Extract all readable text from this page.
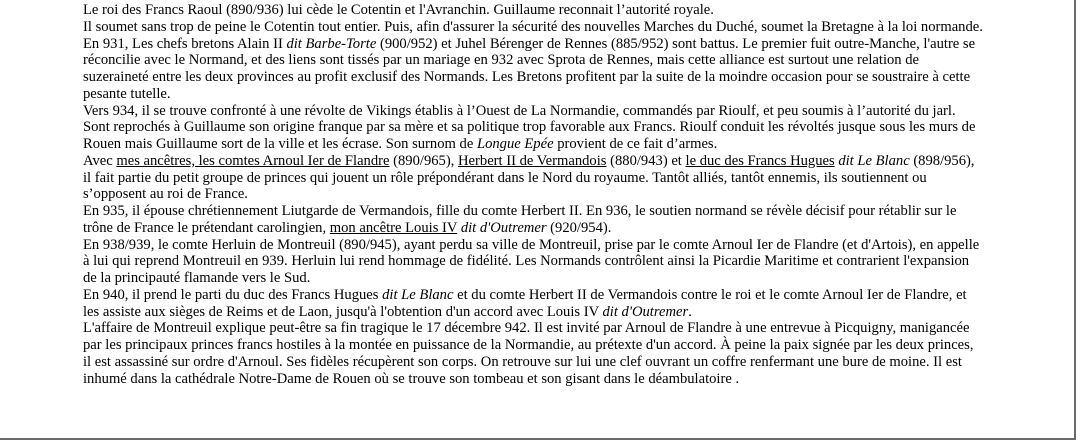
Le roi des Francs Raoul (890/936) lui cède le Cotentin et l'Avranchin. Guillaume reconnait l’autorité royale.
Il soumet sans trop de peine le Cotentin tout entier. Puis, afin d'assurer la sécurité des nouvelles Marches du Duché, soumet la Bretagne à la loi normande.
En 931, Les chefs bretons Alain II dit Barbe-Torte (900/952) et Juhel Bérenger de Rennes (885/952) sont battus. Le premier fuit outre-Manche, l'autre se
réconcilie avec le Normand, et des liens sont tissés par un mariage en 932 avec Sprota de Rennes, mais cette alliance est surtout une relation de
suzeraineté entre les deux provinces au profit exclusif des Normands. Les Bretons profitent par la suite de la moindre occasion pour se soustraire à cette
pesante tutelle.
Vers 934, il se trouve confronté à une révolte de Vikings établis à l’Ouest de La Normandie, commandés par Rioulf, et peu soumis à l’autorité du jarl.
Sont reprochés à Guillaume son origine franque par sa mère et sa politique trop favorable aux Francs. Rioulf conduit les révoltés jusque sous les murs de
Rouen mais Guillaume sort de la ville et les écrase. Son surnom de Longue Epée provient de ce fait d’armes.
Avec mes ancêtres, les comtes Arnoul Ier de Flandre (890/965), Herbert II de Vermandois (880/943) et le duc des Francs Hugues dit Le Blanc (898/956),
il fait partie du petit groupe de princes qui jouent un rôle prépondérant dans le Nord du royaume. Tantôt alliés, tantôt ennemis, ils soutiennent ou
s’opposent au roi de France.
En 935, il épouse chrétiennement Liutgarde de Vermandois, fille du comte Herbert II. En 936, le soutien normand se révèle décisif pour rétablir sur le
trône de France le prétendant carolingien, mon ancêtre Louis IV dit d'Outremer (920/954).
En 938/939, le comte Herluin de Montreuil (890/945), ayant perdu sa ville de Montreuil, prise par le comte Arnoul Ier de Flandre (et d'Artois), en appelle
à lui qui reprend Montreuil en 939. Herluin lui rend hommage de fidélité. Les Normands contrôlent ainsi la Picardie Maritime et contrarient l'expansion
de la principauté flamande vers le Sud.
En 940, il prend le parti du duc des Francs Hugues dit Le Blanc et du comte Herbert II de Vermandois contre le roi et le comte Arnoul Ier de Flandre, et
les assiste aux sièges de Reims et de Laon, jusqu'à l'obtention d'un accord avec Louis IV dit d'Outremer.
L'affaire de Montreuil explique peut-être sa fin tragique le 17 décembre 942. Il est invité par Arnoul de Flandre à une entrevue à Picquigny, manigancée
par les principaux princes francs hostiles à la montée en puissance de la Normandie, au prétexte d'un accord. À peine la paix signée par les deux princes,
il est assassiné sur ordre d'Arnoul. Ses fidèles récupèrent son corps. On retrouve sur lui une clef ouvrant un coffre renfermant une bure de moine. Il est
inhumé dans la cathédrale Notre-Dame de Rouen où se trouve son tombeau et son gisant dans le déambulatoire .
